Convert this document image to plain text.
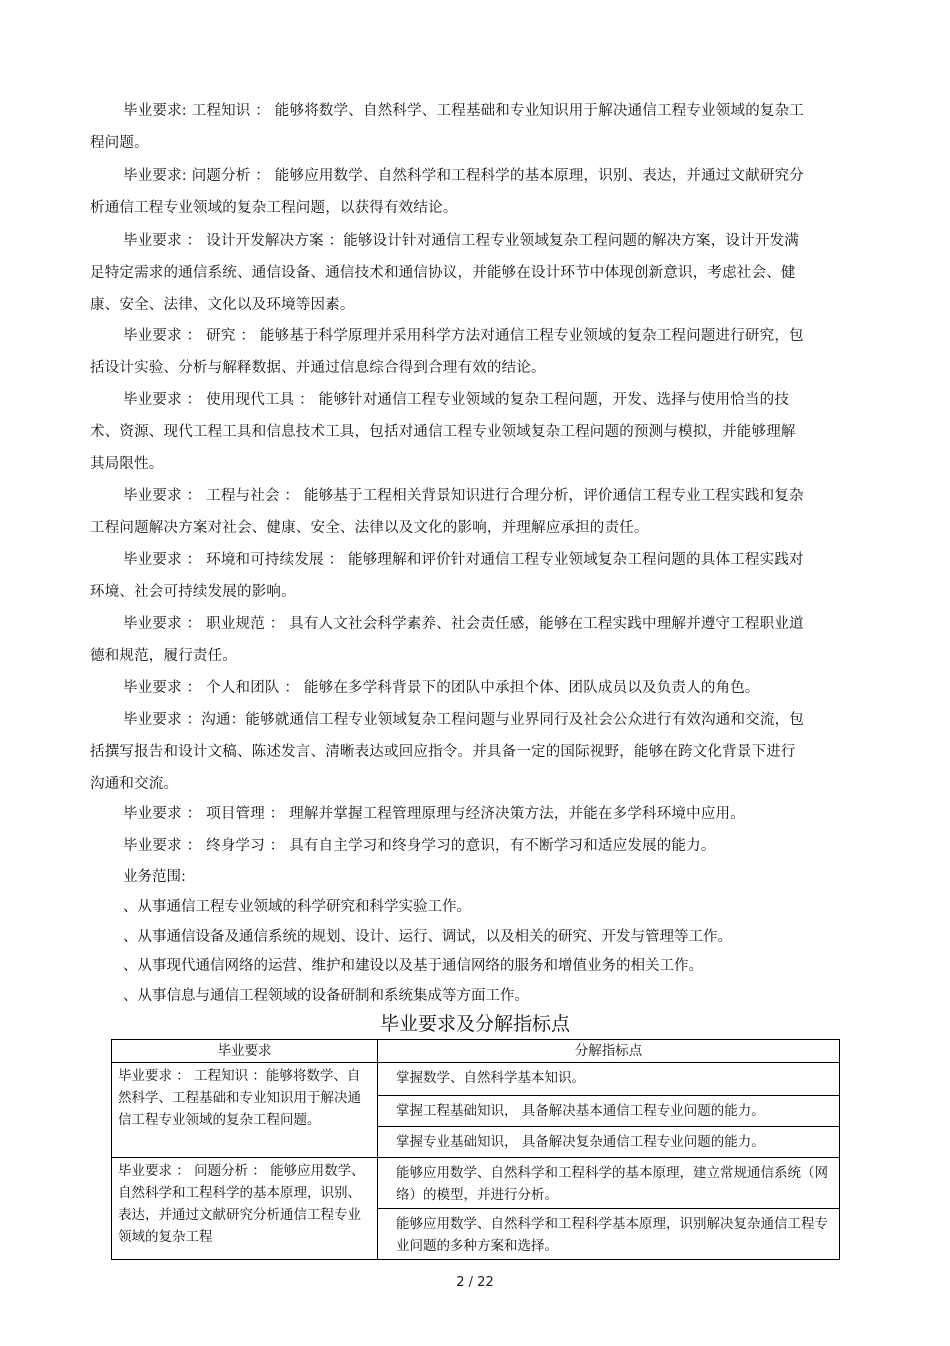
毕业要求: 工程知识 ： 能够将数学、自然科学、工程基础和专业知识用于解决通信工程专业领域的复杂工程问题。

毕业要求: 问题分析 ： 能够应用数学、自然科学和工程科学的基本原理，识别、表达，并通过文献研究分析通信工程专业领域的复杂工程问题，以获得有效结论。

毕业要求 ： 设计开发解决方案 ：能够设计针对通信工程专业领域复杂工程问题的解决方案，设计开发满足特定需求的通信系统、通信设备、通信技术和通信协议，并能够在设计环节中体现创新意识，考虑社会、健康、安全、法律、文化以及环境等因素。

毕业要求 ： 研究 ： 能够基于科学原理并采用科学方法对通信工程专业领域的复杂工程问题进行研究，包括设计实验、分析与解释数据、并通过信息综合得到合理有效的结论。

毕业要求 ： 使用现代工具 ： 能够针对通信工程专业领域的复杂工程问题，开发、选择与使用恰当的技术、资源、现代工程工具和信息技术工具，包括对通信工程专业领域复杂工程问题的预测与模拟，并能够理解其局限性。

毕业要求 ： 工程与社会 ： 能够基于工程相关背景知识进行合理分析，评价通信工程专业工程实践和复杂工程问题解决方案对社会、健康、安全、法律以及文化的影响，并理解应承担的责任。

毕业要求 ： 环境和可持续发展 ： 能够理解和评价针对通信工程专业领域复杂工程问题的具体工程实践对环境、社会可持续发展的影响。

毕业要求 ： 职业规范 ： 具有人文社会科学素养、社会责任感，能够在工程实践中理解并遵守工程职业道德和规范，履行责任。

毕业要求 ： 个人和团队 ： 能够在多学科背景下的团队中承担个体、团队成员以及负责人的角色。

毕业要求 ：沟通：能够就通信工程专业领域复杂工程问题与业界同行及社会公众进行有效沟通和交流，包括撰写报告和设计文稿、陈述发言、清晰表达或回应指令。并具备一定的国际视野，能够在跨文化背景下进行沟通和交流。

毕业要求 ： 项目管理 ： 理解并掌握工程管理原理与经济决策方法，并能在多学科环境中应用。

毕业要求 ： 终身学习 ： 具有自主学习和终身学习的意识，有不断学习和适应发展的能力。

业务范围:

、从事通信工程专业领域的科学研究和科学实验工作。
、从事通信设备及通信系统的规划、设计、运行、调试，以及相关的研究、开发与管理等工作。
、从事现代通信网络的运营、维护和建设以及基于通信网络的服务和增值业务的相关工作。
、从事信息与通信工程领域的设备研制和系统集成等方面工作。

毕业要求及分解指标点

毕业要求	分解指标点
毕业要求 ： 工程知识 ：能够将数学、自然科学、工程基础和专业知识用于解决通信工程专业领域的复杂工程问题。	掌握数学、自然科学基本知识。
	掌握工程基础知识， 具备解决基本通信工程专业问题的能力。
	掌握专业基础知识， 具备解决复杂通信工程专业问题的能力。
毕业要求 ： 问题分析 ： 能够应用数学、自然科学和工程科学的基本原理，识别、表达，并通过文献研究分析通信工程专业领域的复杂工程	能够应用数学、自然科学和工程科学的基本原理，建立常规通信系统（网络）的模型，并进行分析。
	能够应用数学、自然科学和工程科学基本原理，识别解决复杂通信工程专业问题的多种方案和选择。
2 / 22
